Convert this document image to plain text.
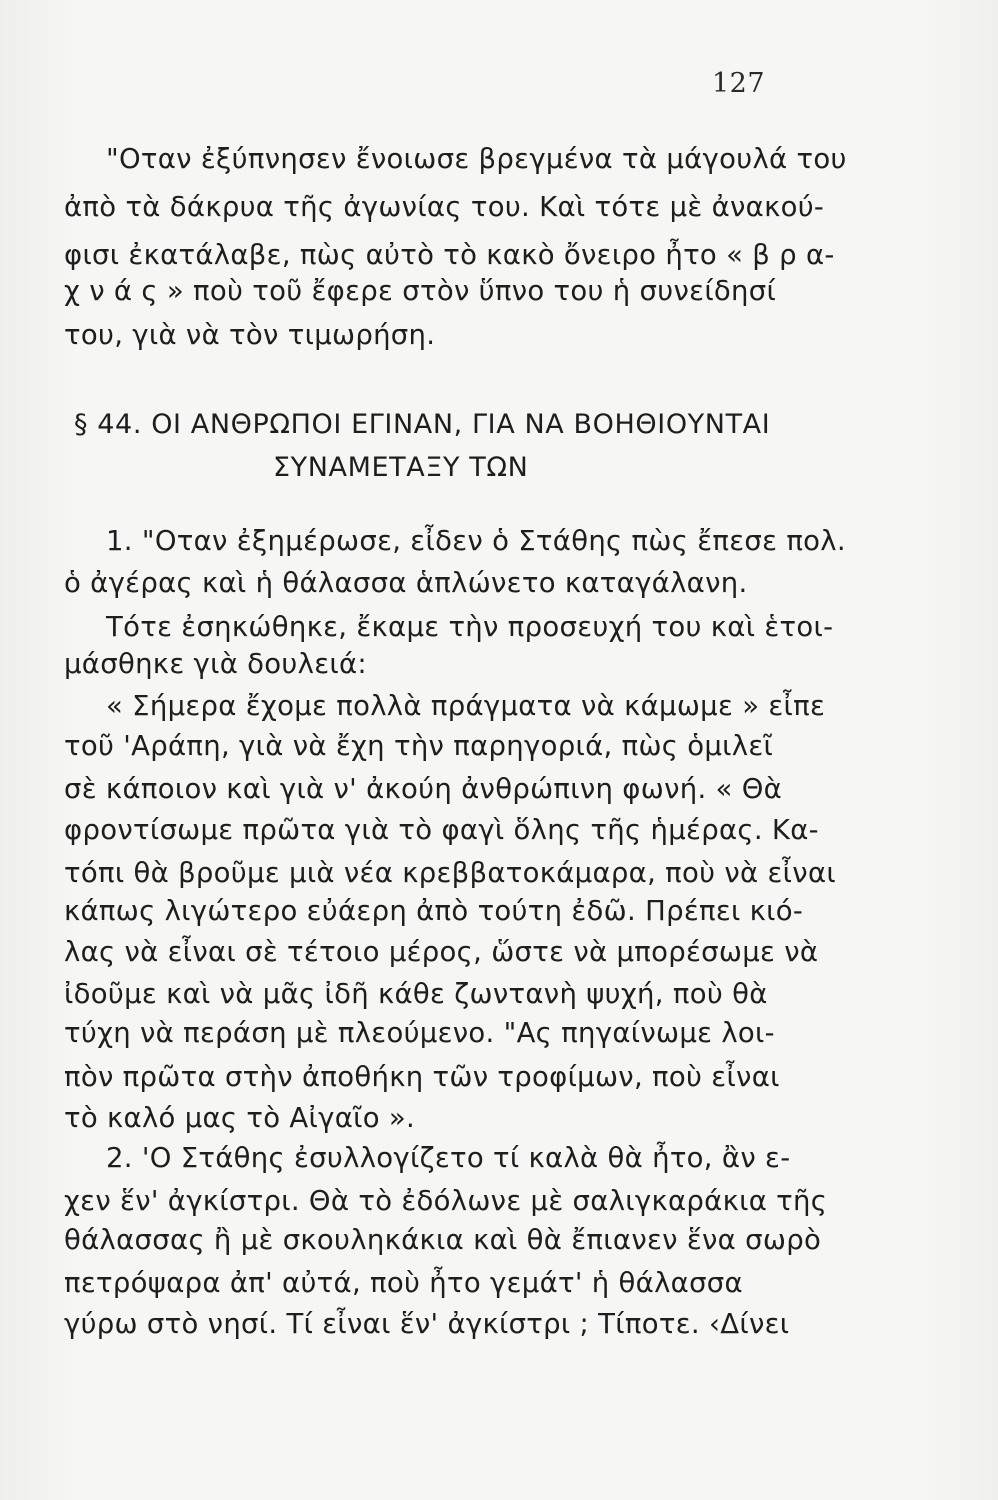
127
"Οταν ἐξύπνησεν ἔνοιωσε βρεγμένα τὰ μάγουλά του
ἀπὸ τὰ δάκρυα τῆς ἀγωνίας του. Καὶ τότε μὲ ἀνακού-
φισι ἐκατάλαβε, πὼς αὐτὸ τὸ κακὸ ὄνειρο ἦτο « β ρ α-
χ ν ά ς » ποὺ τοῦ ἔφερε στὸν ὕπνο του ἡ συνείδησί
του, γιὰ νὰ τὸν τιμωρήση.
§ 44. ΟΙ ΑΝΘΡΩΠΟΙ ΕΓΙΝΑΝ, ΓΙΑ ΝΑ ΒΟΗΘΙΟΥΝΤΑΙ
ΣΥΝΑΜΕΤΑΞΥ ΤΩΝ
1. "Οταν ἐξημέρωσε, εἶδεν ὁ Στάθης πὼς ἔπεσε πολ.
ὁ ἀγέρας καὶ ἡ θάλασσα ἁπλώνετο καταγάλανη.
Τότε ἐσηκώθηκε, ἔκαμε τὴν προσευχή του καὶ ἑτοι-
μάσθηκε γιὰ δουλειά:
« Σήμερα ἔχομε πολλὰ πράγματα νὰ κάμωμε » εἶπε
τοῦ 'Αράπη, γιὰ νὰ ἔχη τὴν παρηγοριά, πὼς ὁμιλεῖ
σὲ κάποιον καὶ γιὰ ν' ἀκούη ἀνθρώπινη φωνή. « Θὰ
φροντίσωμε πρῶτα γιὰ τὸ φαγὶ ὅλης τῆς ἡμέρας. Κα-
τόπι θὰ βροῦμε μιὰ νέα κρεββατοκάμαρα, ποὺ νὰ εἶναι
κάπως λιγώτερο εὐάερη ἀπὸ τούτη ἐδῶ. Πρέπει κιό-
λας νὰ εἶναι σὲ τέτοιο μέρος, ὥστε νὰ μπορέσωμε νὰ
ἰδοῦμε καὶ νὰ μᾶς ἰδῆ κάθε ζωντανὴ ψυχή, ποὺ θὰ
τύχη νὰ περάση μὲ πλεούμενο. "Ας πηγαίνωμε λοι-
πὸν πρῶτα στὴν ἀποθήκη τῶν τροφίμων, ποὺ εἶναι
τὸ καλό μας τὸ Αἰγαῖο ».
2. 'Ο Στάθης ἐσυλλογίζετο τί καλὰ θὰ ἦτο, ἂν ε-
χεν ἕν' ἀγκίστρι. Θὰ τὸ ἐδόλωνε μὲ σαλιγκαράκια τῆς
θάλασσας ἢ μὲ σκουληκάκια καὶ θὰ ἔπιανεν ἕνα σωρὸ
πετρόψαρα ἀπ' αὐτά, ποὺ ἦτο γεμάτ' ἡ θάλασσα
γύρω στὸ νησί. Τί εἶναι ἕν' ἀγκίστρι ; Τίποτε. ‹Δίνει
